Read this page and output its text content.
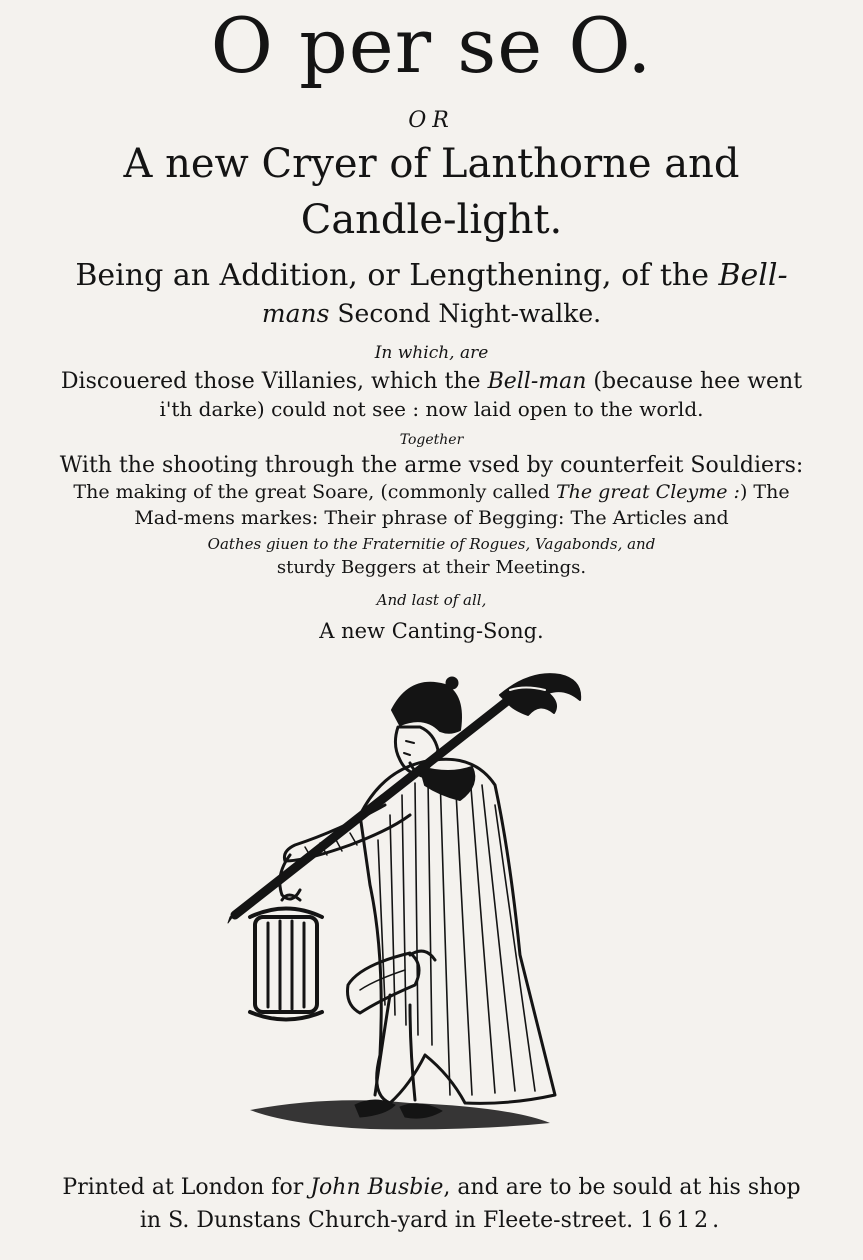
O per se O.
OR
A new Cryer of Lanthorne and
Candle-light.
Being an Addition, or Lengthening, of the Bell-
mans Second Night-walke.
In which, are
Discouered those Villanies, which the Bell-man (because hee went
i'th darke) could not see : now laid open to the world.
Together
With the shooting through the arme vsed by counterfeit Souldiers:
The making of the great Soare, (commonly called The great Cleyme :) The
Mad-mens markes: Their phrase of Begging: The Articles and
Oathes giuen to the Fraternitie of Rogues, Vagabonds, and
sturdy Beggers at their Meetings.
And last of all,
A new Canting-Song.
Printed at London for John Busbie, and are to be sould at his shop
in S. Dunstans Church-yard in Fleete-street. 1612.
